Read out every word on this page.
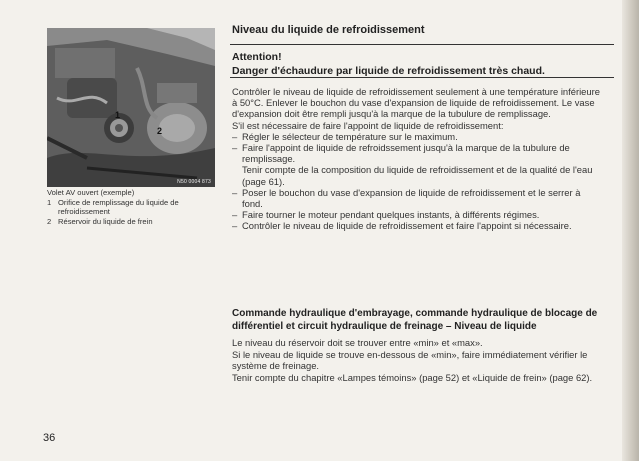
1
2
N50 0004 873
Volet AV ouvert (exemple)
1 Orifice de remplissage du liquide de refroidissement
2 Réservoir du liquide de frein
Niveau du liquide de refroidissement
Attention!
Danger d'échaudure par liquide de refroidissement très chaud.

Contrôler le niveau de liquide de refroidissement seulement à une température inférieure à 50°C. Enlever le bouchon du vase d'expansion de liquide de refroidissement. Le vase d'expansion doit être rempli jusqu'à la marque de la tubulure de remplissage.

S'il est nécessaire de faire l'appoint de liquide de refroidissement:

– Régler le sélecteur de température sur le maximum.
– Faire l'appoint de liquide de refroidssement jusqu'à la marque de la tubulure de remplissage.
Tenir compte de la composition du liquide de refroidissement et de la qualité de l'eau (page 61).
– Poser le bouchon du vase d'expansion de liquide de refroidissement et le serrer à fond.
– Faire tourner le moteur pendant quelques instants, à différents régimes.
– Contrôler le niveau de liquide de refroidissement et faire l'appoint si nécessaire.
Commande hydraulique d'embrayage, commande hydraulique de blocage de différentiel et circuit hydraulique de freinage – Niveau de liquide

Le niveau du réservoir doit se trouver entre «min» et «max».

Si le niveau de liquide se trouve en-dessous de «min», faire immédiatement vérifier le système de freinage.

Tenir compte du chapitre «Lampes témoins» (page 52) et «Liquide de frein» (page 62).

36
